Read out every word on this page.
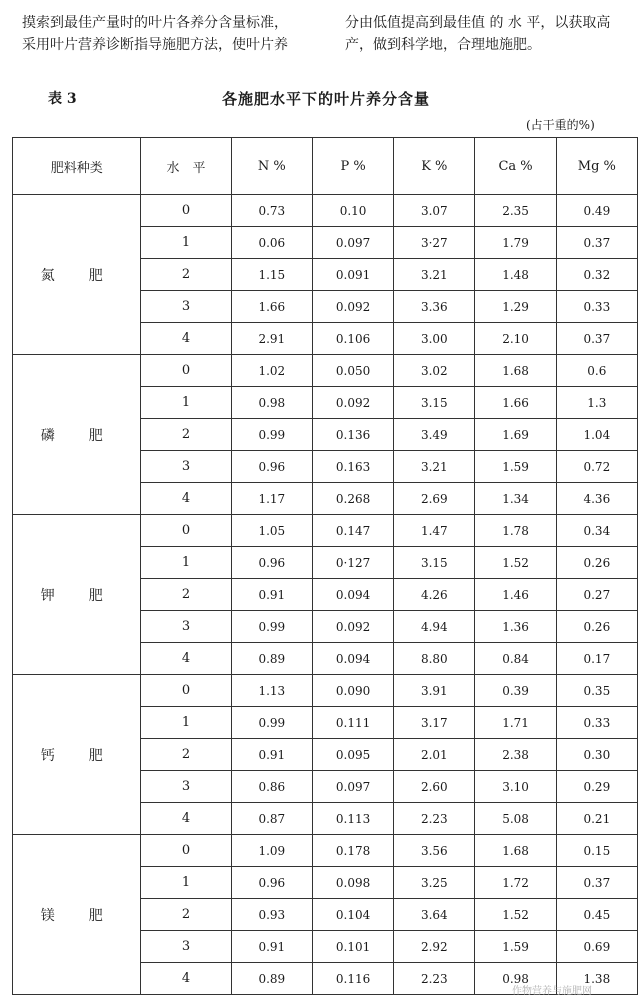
摸索到最佳产量时的叶片各养分含量标准，
采用叶片营养诊断指导施肥方法，使叶片养
分由低值提高到最佳值 的 水 平，以获取高
产，做到科学地，合理地施肥。
表 3	各施肥水平下的叶片养分含量
(占干重的%)
肥料种类	水　平	N %	P %	K %	Ca %	Mg %
氮　肥	0	0.73	0.10	3.07	2.35	0.49
	1	0.06	0.097	3·27	1.79	0.37
	2	1.15	0.091	3.21	1.48	0.32
	3	1.66	0.092	3.36	1.29	0.33
	4	2.91	0.106	3.00	2.10	0.37
磷　肥	0	1.02	0.050	3.02	1.68	0.6
	1	0.98	0.092	3.15	1.66	1.3
	2	0.99	0.136	3.49	1.69	1.04
	3	0.96	0.163	3.21	1.59	0.72
	4	1.17	0.268	2.69	1.34	4.36
钾　肥	0	1.05	0.147	1.47	1.78	0.34
	1	0.96	0·127	3.15	1.52	0.26
	2	0.91	0.094	4.26	1.46	0.27
	3	0.99	0.092	4.94	1.36	0.26
	4	0.89	0.094	8.80	0.84	0.17
钙　肥	0	1.13	0.090	3.91	0.39	0.35
	1	0.99	0.111	3.17	1.71	0.33
	2	0.91	0.095	2.01	2.38	0.30
	3	0.86	0.097	2.60	3.10	0.29
	4	0.87	0.113	2.23	5.08	0.21
镁　肥	0	1.09	0.178	3.56	1.68	0.15
	1	0.96	0.098	3.25	1.72	0.37
	2	0.93	0.104	3.64	1.52	0.45
	3	0.91	0.101	2.92	1.59	0.69
	4	0.89	0.116	2.23	0.98	1.38
作物营养与施肥网
